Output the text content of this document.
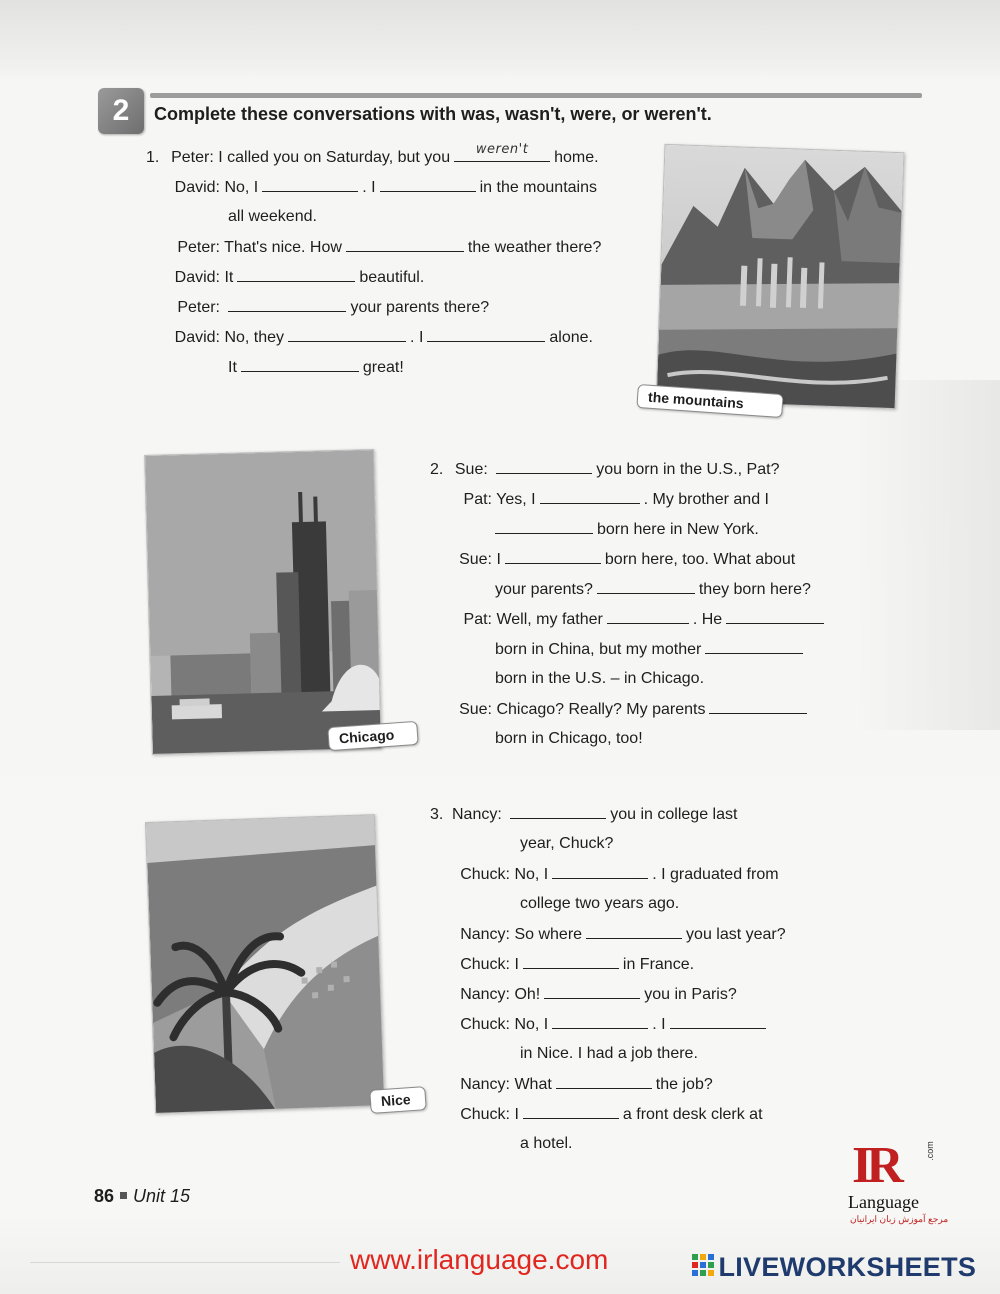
2	Complete these conversations with was, wasn't, were, or weren't.
1. Peter: I called you on Saturday, but you	weren't	home.
David: No, I	. I	in the mountains
all weekend.
Peter: That's nice. How	the weather there?
David: It	beautiful.
Peter:	your parents there?
David: No, they	. I	alone.
It	great!
the mountains
Chicago
2. Sue:	you born in the U.S., Pat?
Pat: Yes, I	. My brother and I
born here in New York.
Sue: I	born here, too. What about
your parents?	they born here?
Pat: Well, my father	. He
born in China, but my mother
born in the U.S. – in Chicago.
Sue: Chicago? Really? My parents
born in Chicago, too!
Nice
3. Nancy:	you in college last
year, Chuck?
Chuck: No, I	. I graduated from
college two years ago.
Nancy: So where	you last year?
Chuck: I	in France.
Nancy: Oh!	you in Paris?
Chuck: No, I	. I
in Nice. I had a job there.
Nancy: What	the job?
Chuck: I	a front desk clerk at
a hotel.
86 Unit 15
IR	.com
Language
مرجع آموزش زبان ایرانیان
www.irlanguage.com	LIVEWORKSHEETS
